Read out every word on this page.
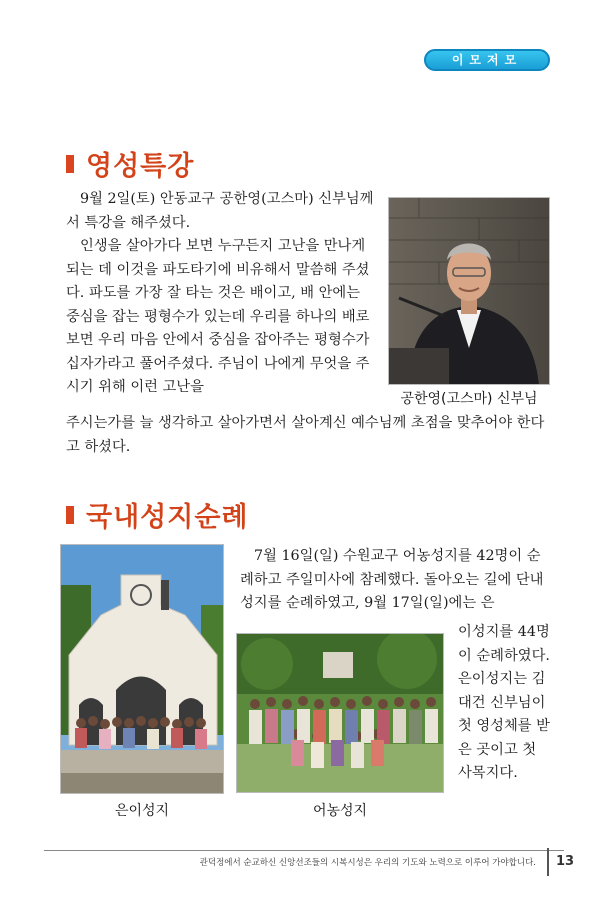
이모저모
영성특강

9월 2일(토) 안동교구 공한영(고스마) 신부님께서 특강을 해주셨다.

인생을 살아가다 보면 누구든지 고난을 만나게 되는 데 이것을 파도타기에 비유해서 말씀해 주셨다. 파도를 가장 잘 타는 것은 배이고, 배 안에는 중심을 잡는 평형수가 있는데 우리를 하나의 배로 보면 우리 마음 안에서 중심을 잡아주는 평형수가 십자가라고 풀어주셨다. 주님이 나에게 무엇을 주시기 위해 이런 고난을

주시는가를 늘 생각하고 살아가면서 살아계신 예수님께 초점을 맞추어야 한다고 하셨다.

공한영(고스마) 신부님
국내성지순례
은이성지

7월 16일(일) 수원교구 어농성지를 42명이 순례하고 주일미사에 참례했다. 돌아오는 길에 단내성지를 순례하였고, 9월 17일(일)에는 은

이성지를 44명이 순례하였다. 은이성지는 김대건 신부님이 첫 영성체를 받은 곳이고 첫 사목지다.

어농성지
관덕정에서 순교하신 신앙선조들의 시복시성은 우리의 기도와 노력으로 이루어 가야합니다. 13
